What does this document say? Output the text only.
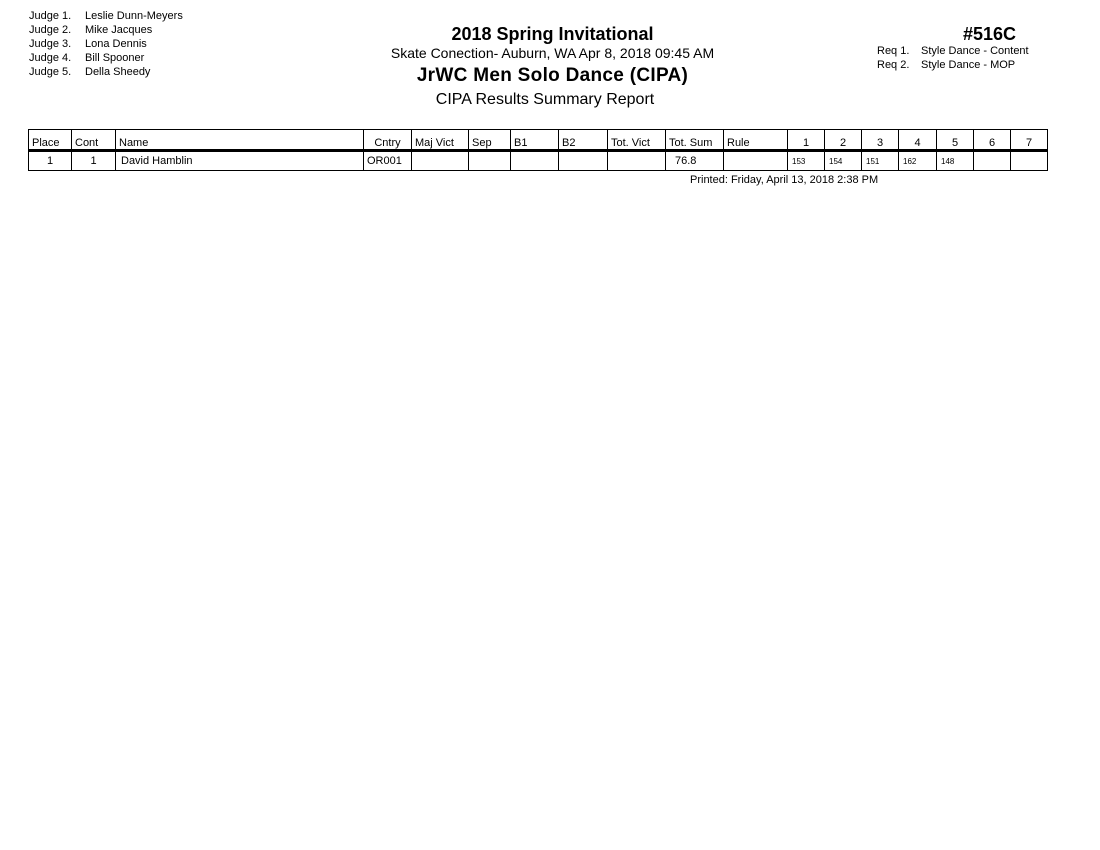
Judge 1. Leslie Dunn-Meyers
Judge 2. Mike Jacques
Judge 3. Lona Dennis
Judge 4. Bill Spooner
Judge 5. Della Sheedy
2018 Spring Invitational
Skate Conection- Auburn, WA Apr 8, 2018 09:45 AM
JrWC Men Solo Dance (CIPA)
CIPA Results Summary Report
#516C
Req 1. Style Dance - Content
Req 2. Style Dance - MOP
Place	Cont	Name	Cntry	Maj Vict	Sep	B1	B2	Tot. Vict	Tot. Sum	Rule	1	2	3	4	5	6	7
1	1	David Hamblin	OR001						76.8		153	154	151	162	148		
Printed: Friday, April 13, 2018 2:38 PM
